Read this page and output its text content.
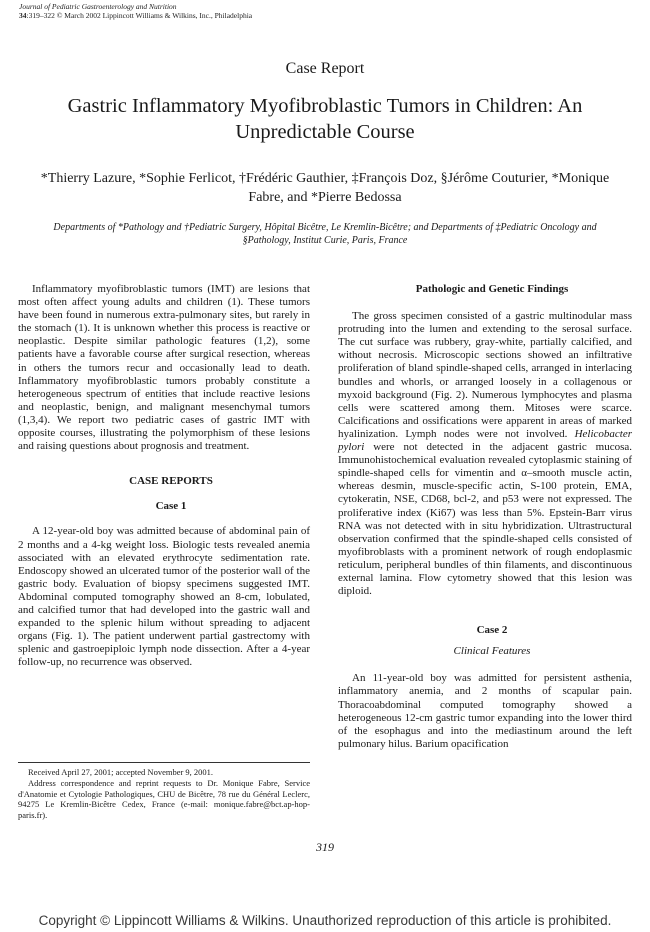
Journal of Pediatric Gastroenterology and Nutrition
34:319–322 © March 2002 Lippincott Williams & Wilkins, Inc., Philadelphia
Case Report
Gastric Inflammatory Myofibroblastic Tumors in Children: An Unpredictable Course
*Thierry Lazure, *Sophie Ferlicot, †Frédéric Gauthier, ‡François Doz, §Jérôme Couturier, *Monique Fabre, and *Pierre Bedossa
Departments of *Pathology and †Pediatric Surgery, Hôpital Bicêtre, Le Kremlin-Bicêtre; and Departments of ‡Pediatric Oncology and §Pathology, Institut Curie, Paris, France

Inflammatory myofibroblastic tumors (IMT) are lesions that most often affect young adults and children (1). These tumors have been found in numerous extra-pulmonary sites, but rarely in the stomach (1). It is unknown whether this process is reactive or neoplastic. Despite similar pathologic features (1,2), some patients have a favorable course after surgical resection, whereas in others the tumors recur and occasionally lead to death. Inflammatory myofibroblastic tumors probably constitute a heterogeneous spectrum of entities that include reactive lesions and neoplastic, benign, and malignant mesenchymal tumors (1,3,4). We report two pediatric cases of gastric IMT with opposite courses, illustrating the polymorphism of these lesions and raising questions about prognosis and treatment.

CASE REPORTS

Case 1

A 12-year-old boy was admitted because of abdominal pain of 2 months and a 4-kg weight loss. Biologic tests revealed anemia associated with an elevated erythrocyte sedimentation rate. Endoscopy showed an ulcerated tumor of the posterior wall of the gastric body. Evaluation of biopsy specimens suggested IMT. Abdominal computed tomography showed an 8-cm, lobulated, and calcified tumor that had developed into the gastric wall and expanded to the splenic hilum without spreading to adjacent organs (Fig. 1). The patient underwent partial gastrectomy with splenic and gastroepiploic lymph node dissection. After a 4-year follow-up, no recurrence was observed.

Received April 27, 2001; accepted November 9, 2001.

Address correspondence and reprint requests to Dr. Monique Fabre, Service d'Anatomie et Cytologie Pathologiques, CHU de Bicêtre, 78 rue du Général Leclerc, 94275 Le Kremlin-Bicêtre Cedex, France (e-mail: monique.fabre@bct.ap-hop-paris.fr).

Pathologic and Genetic Findings

The gross specimen consisted of a gastric multinodular mass protruding into the lumen and extending to the serosal surface. The cut surface was rubbery, gray-white, partially calcified, and without necrosis. Microscopic sections showed an infiltrative proliferation of bland spindle-shaped cells, arranged in interlacing bundles and whorls, or arranged loosely in a collagenous or myxoid background (Fig. 2). Numerous lymphocytes and plasma cells were scattered among them. Mitoses were scarce. Calcifications and ossifications were apparent in areas of marked hyalinization. Lymph nodes were not involved. Helicobacter pylori were not detected in the adjacent gastric mucosa. Immunohistochemical evaluation revealed cytoplasmic staining of spindle-shaped cells for vimentin and α–smooth muscle actin, whereas desmin, muscle-specific actin, S-100 protein, EMA, cytokeratin, NSE, CD68, bcl-2, and p53 were not expressed. The proliferative index (Ki67) was less than 5%. Epstein-Barr virus RNA was not detected with in situ hybridization. Ultrastructural observation confirmed that the spindle-shaped cells consisted of myofibroblasts with a prominent network of rough endoplasmic reticulum, peripheral bundles of thin filaments, and discontinuous external lamina. Flow cytometry showed that this lesion was diploid.

Case 2

Clinical Features

An 11-year-old boy was admitted for persistent asthenia, inflammatory anemia, and 2 months of scapular pain. Thoracoabdominal computed tomography showed a heterogeneous 12-cm gastric tumor expanding into the lower third of the esophagus and into the mediastinum around the left pulmonary hilus. Barium opacification

319
Copyright © Lippincott Williams & Wilkins. Unauthorized reproduction of this article is prohibited.
